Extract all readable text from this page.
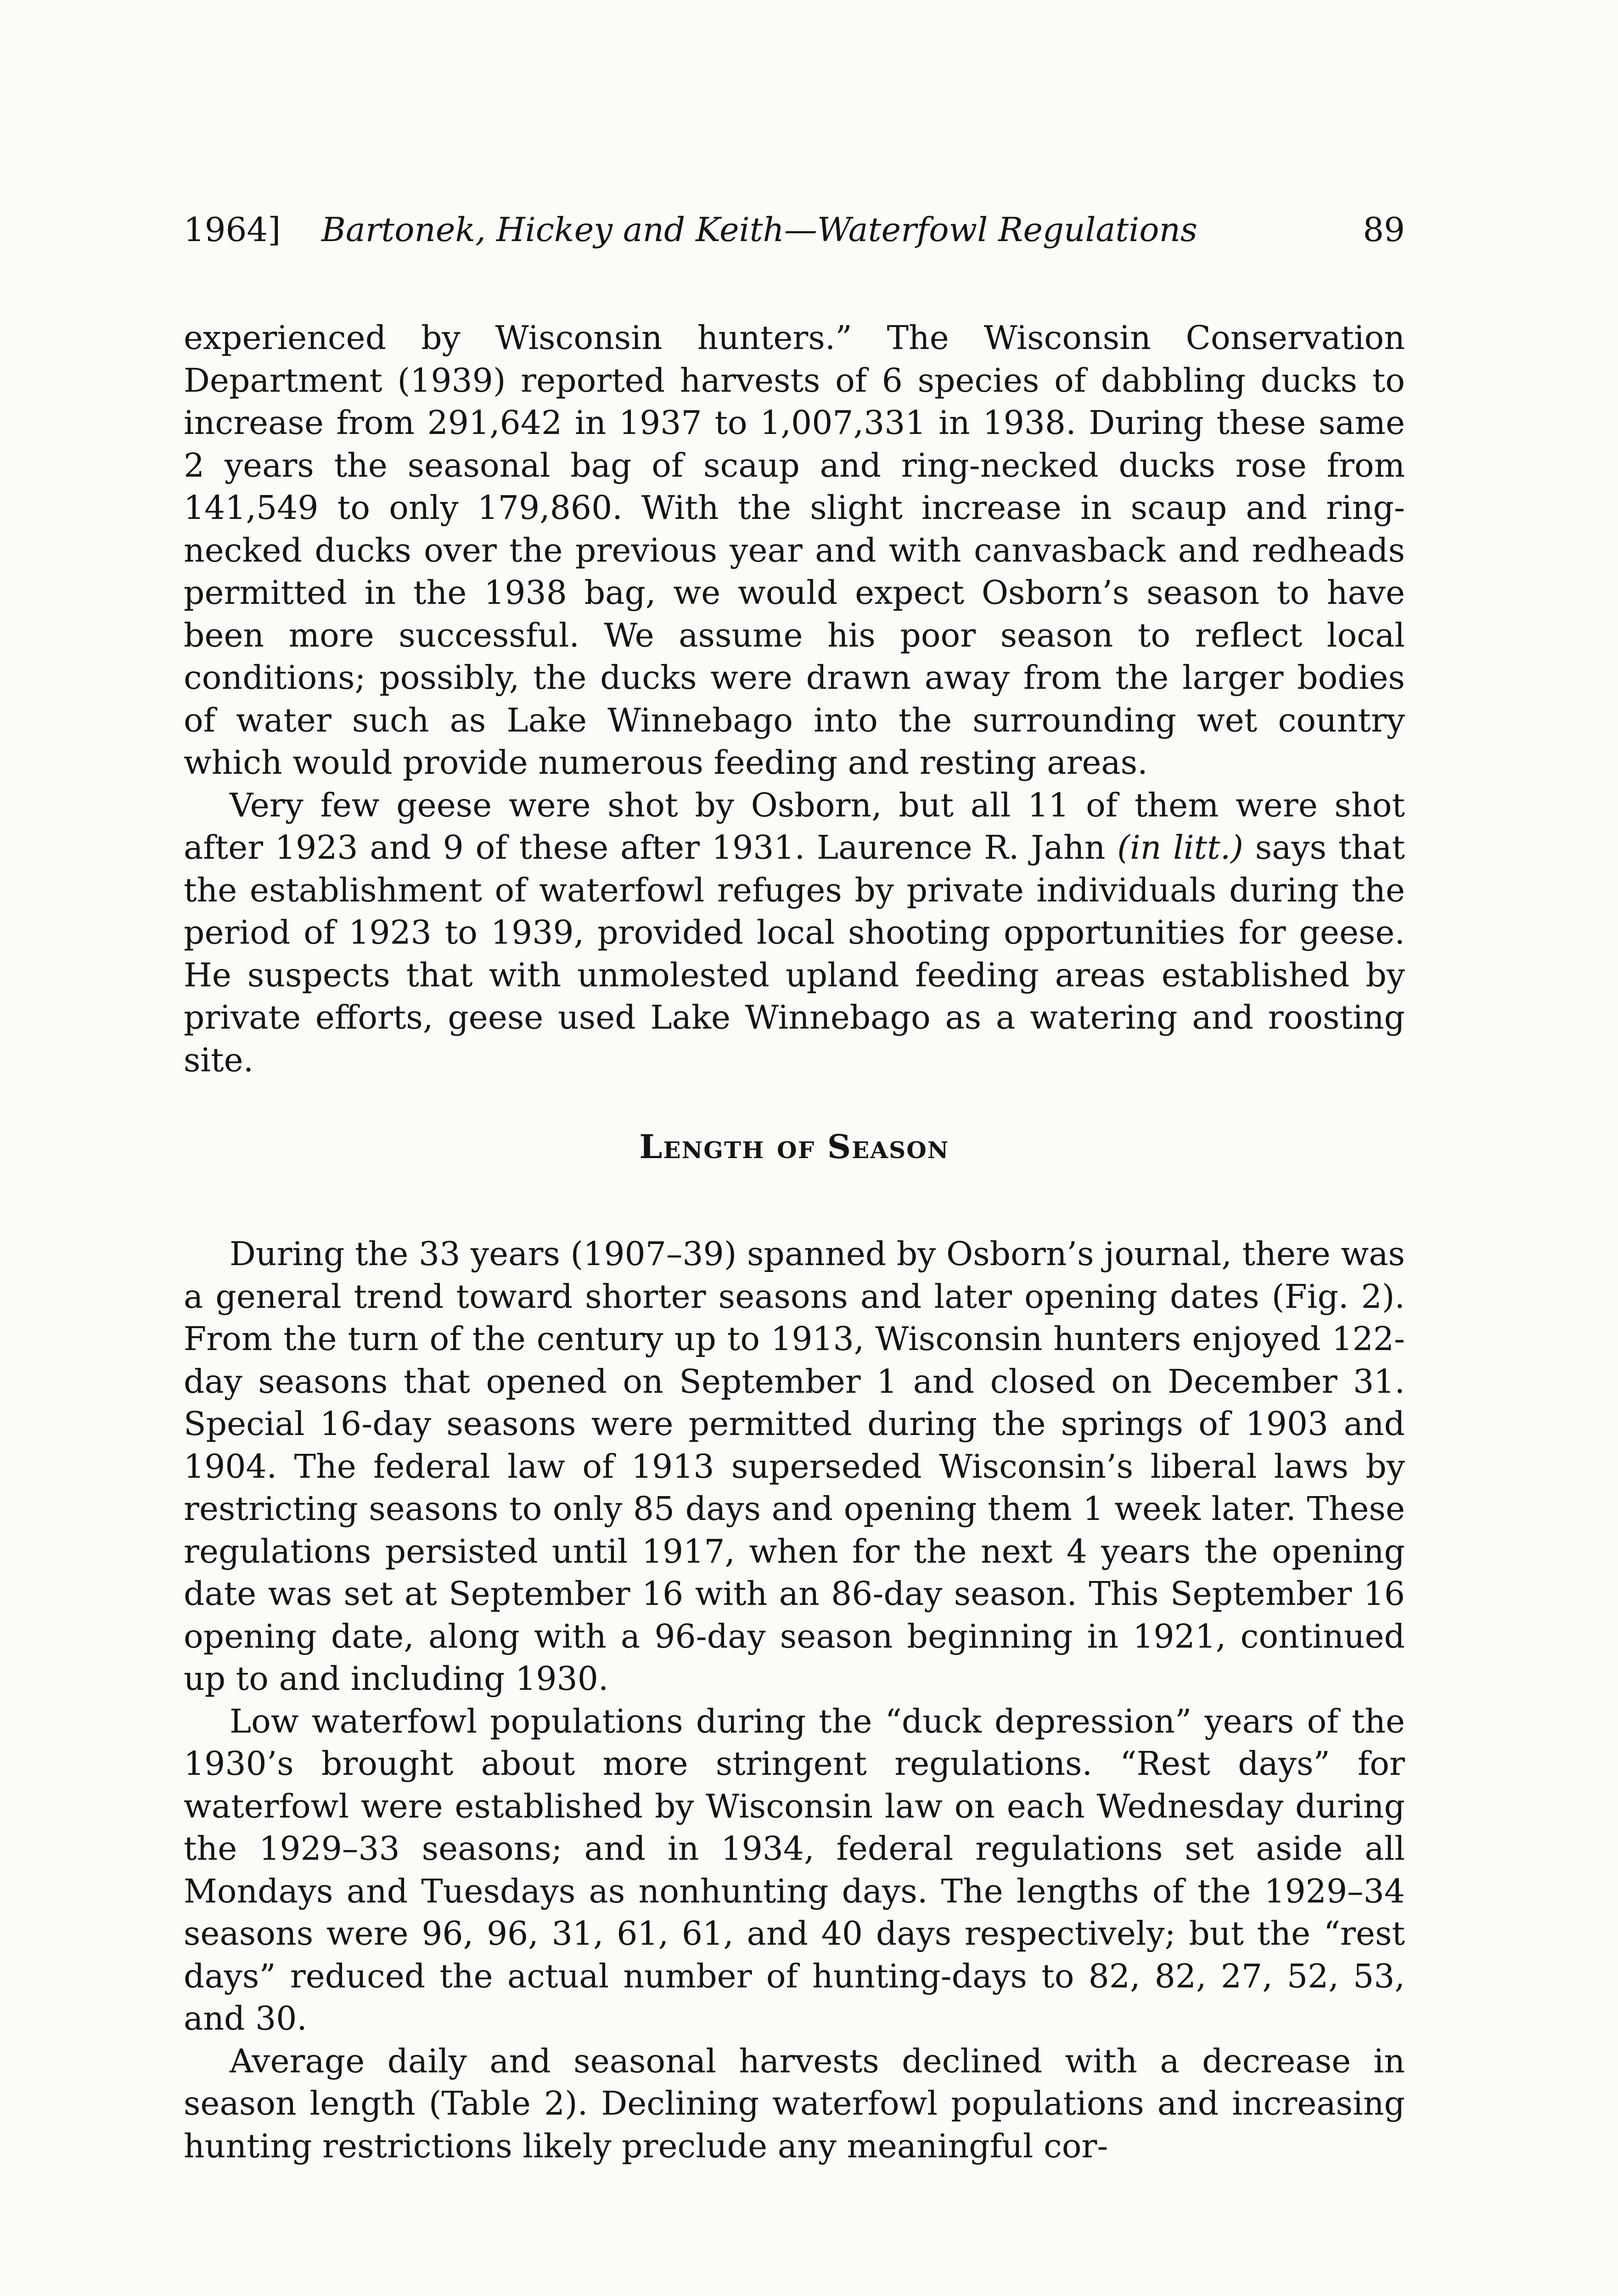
1964] Bartonek, Hickey and Keith—Waterfowl Regulations	89

experienced by Wisconsin hunters.” The Wisconsin Conservation Department (1939) reported harvests of 6 species of dabbling ducks to increase from 291,642 in 1937 to 1,007,331 in 1938. During these same 2 years the seasonal bag of scaup and ring-necked ducks rose from 141,549 to only 179,860. With the slight increase in scaup and ring-necked ducks over the previous year and with canvasback and redheads permitted in the 1938 bag, we would expect Osborn’s season to have been more successful. We assume his poor season to reflect local conditions; possibly, the ducks were drawn away from the larger bodies of water such as Lake Winnebago into the surrounding wet country which would provide numerous feeding and resting areas.

Very few geese were shot by Osborn, but all 11 of them were shot after 1923 and 9 of these after 1931. Laurence R. Jahn (in litt.) says that the establishment of waterfowl refuges by private individuals during the period of 1923 to 1939, provided local shooting opportunities for geese. He suspects that with unmolested upland feeding areas established by private efforts, geese used Lake Winnebago as a watering and roosting site.

Length of Season

During the 33 years (1907–39) spanned by Osborn’s journal, there was a general trend toward shorter seasons and later opening dates (Fig. 2). From the turn of the century up to 1913, Wisconsin hunters enjoyed 122-day seasons that opened on September 1 and closed on December 31. Special 16-day seasons were permitted during the springs of 1903 and 1904. The federal law of 1913 superseded Wisconsin’s liberal laws by restricting seasons to only 85 days and opening them 1 week later. These regulations persisted until 1917, when for the next 4 years the opening date was set at September 16 with an 86-day season. This September 16 opening date, along with a 96-day season beginning in 1921, continued up to and including 1930.

Low waterfowl populations during the “duck depression” years of the 1930’s brought about more stringent regulations. “Rest days” for waterfowl were established by Wisconsin law on each Wednesday during the 1929–33 seasons; and in 1934, federal regulations set aside all Mondays and Tuesdays as nonhunting days. The lengths of the 1929–34 seasons were 96, 96, 31, 61, 61, and 40 days respectively; but the “rest days” reduced the actual number of hunting-days to 82, 82, 27, 52, 53, and 30.

Average daily and seasonal harvests declined with a decrease in season length (Table 2). Declining waterfowl populations and increasing hunting restrictions likely preclude any meaningful cor-
